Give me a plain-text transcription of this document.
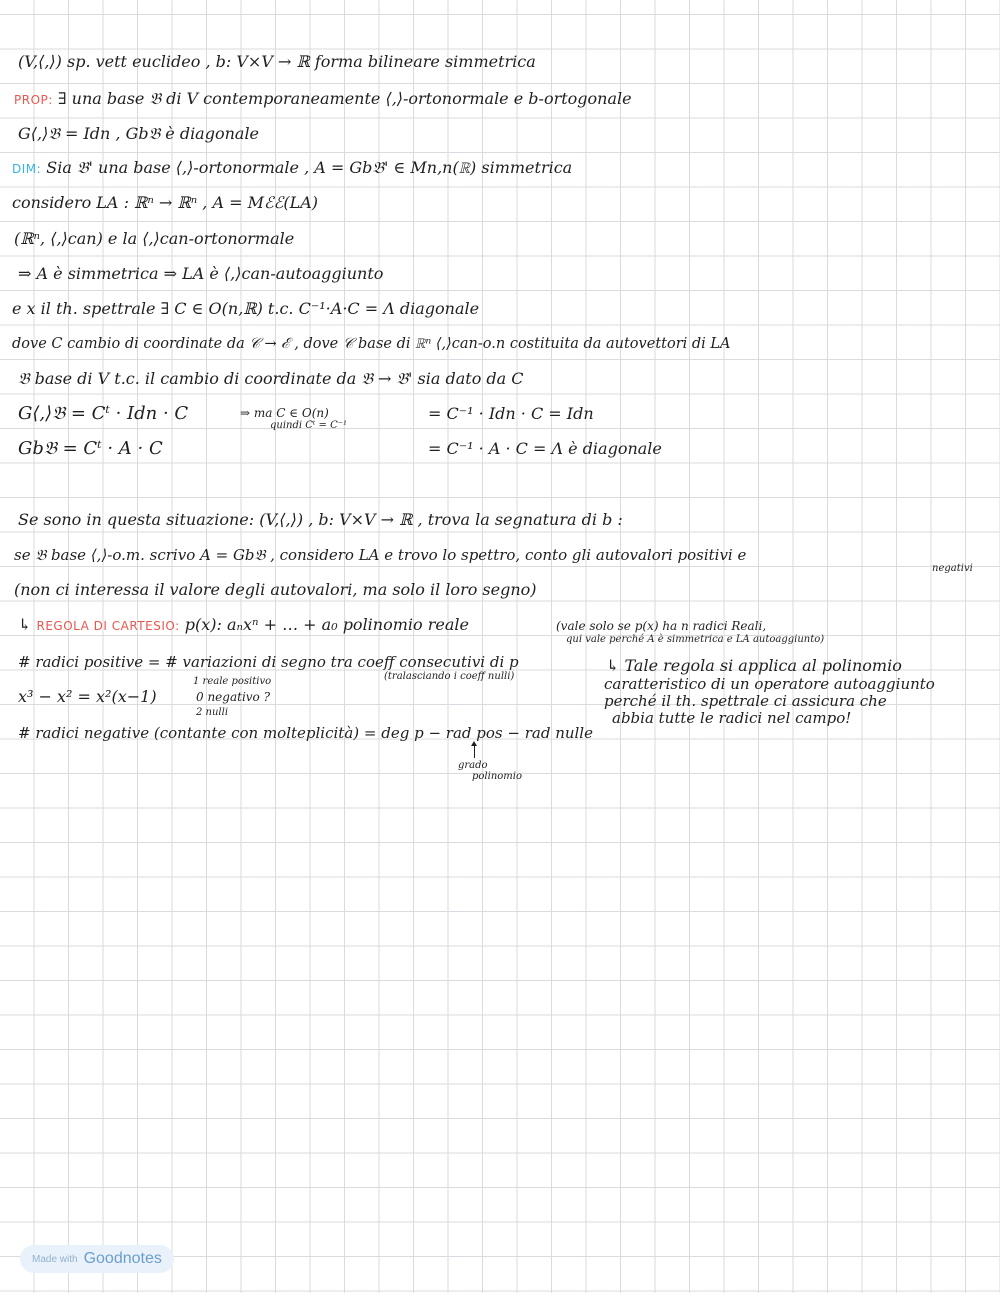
(V,⟨,⟩) sp. vett euclideo , b: V×V → ℝ forma bilineare simmetrica
PROP: ∃ una base 𝔅 di V contemporaneamente ⟨,⟩-ortonormale e b-ortogonale
G⟨,⟩𝔅 = Idn , Gb𝔅 è diagonale
DIM: Sia 𝔅' una base ⟨,⟩-ortonormale , A = Gb𝔅' ∈ Mn,n(ℝ) simmetrica
considero LA : ℝⁿ → ℝⁿ , A = Mℰℰ(LA)
(ℝⁿ, ⟨,⟩can) e la ⟨,⟩can-ortonormale
⇒ A è simmetrica ⇒ LA è ⟨,⟩can-autoaggiunto
e x il th. spettrale ∃ C ∈ O(n,ℝ) t.c. C⁻¹·A·C = Λ diagonale
dove C cambio di coordinate da 𝒞 → ℰ , dove 𝒞 base di ℝⁿ ⟨,⟩can-o.n costituita da autovettori di LA
𝔅 base di V t.c. il cambio di coordinate da 𝔅 → 𝔅' sia dato da C
G⟨,⟩𝔅 = Cᵗ · Idn · C	⇒ ma C ∈ O(n)
quindi Cᵗ = C⁻¹
= C⁻¹ · Idn · C = Idn
Gb𝔅 = Cᵗ · A · C	= C⁻¹ · A · C = Λ è diagonale
Se sono in questa situazione: (V,⟨,⟩) , b: V×V → ℝ , trova la segnatura di b :
se 𝔅 base ⟨,⟩-o.m. scrivo A = Gb𝔅 , considero LA e trovo lo spettro, conto gli autovalori positivi e
negativi
(non ci interessa il valore degli autovalori, ma solo il loro segno)
↳ REGOLA DI CARTESIO: p(x): aₙxⁿ + … + a₀ polinomio reale	(vale solo se p(x) ha n radici Reali,
qui vale perché A è simmetrica e LA autoaggiunto)
# radici positive = # variazioni di segno tra coeff consecutivi di p
(tralasciando i coeff nulli)
x³ − x² = x²(x−1)
1 reale positivo
0 negativo ?
2 nulli
# radici negative (contante con molteplicità) = deg p − rad pos − rad nulle
grado
polinomio
↳ Tale regola si applica al polinomio
caratteristico di un operatore autoaggiunto
perché il th. spettrale ci assicura che
abbia tutte le radici nel campo!
Made with Goodnotes
